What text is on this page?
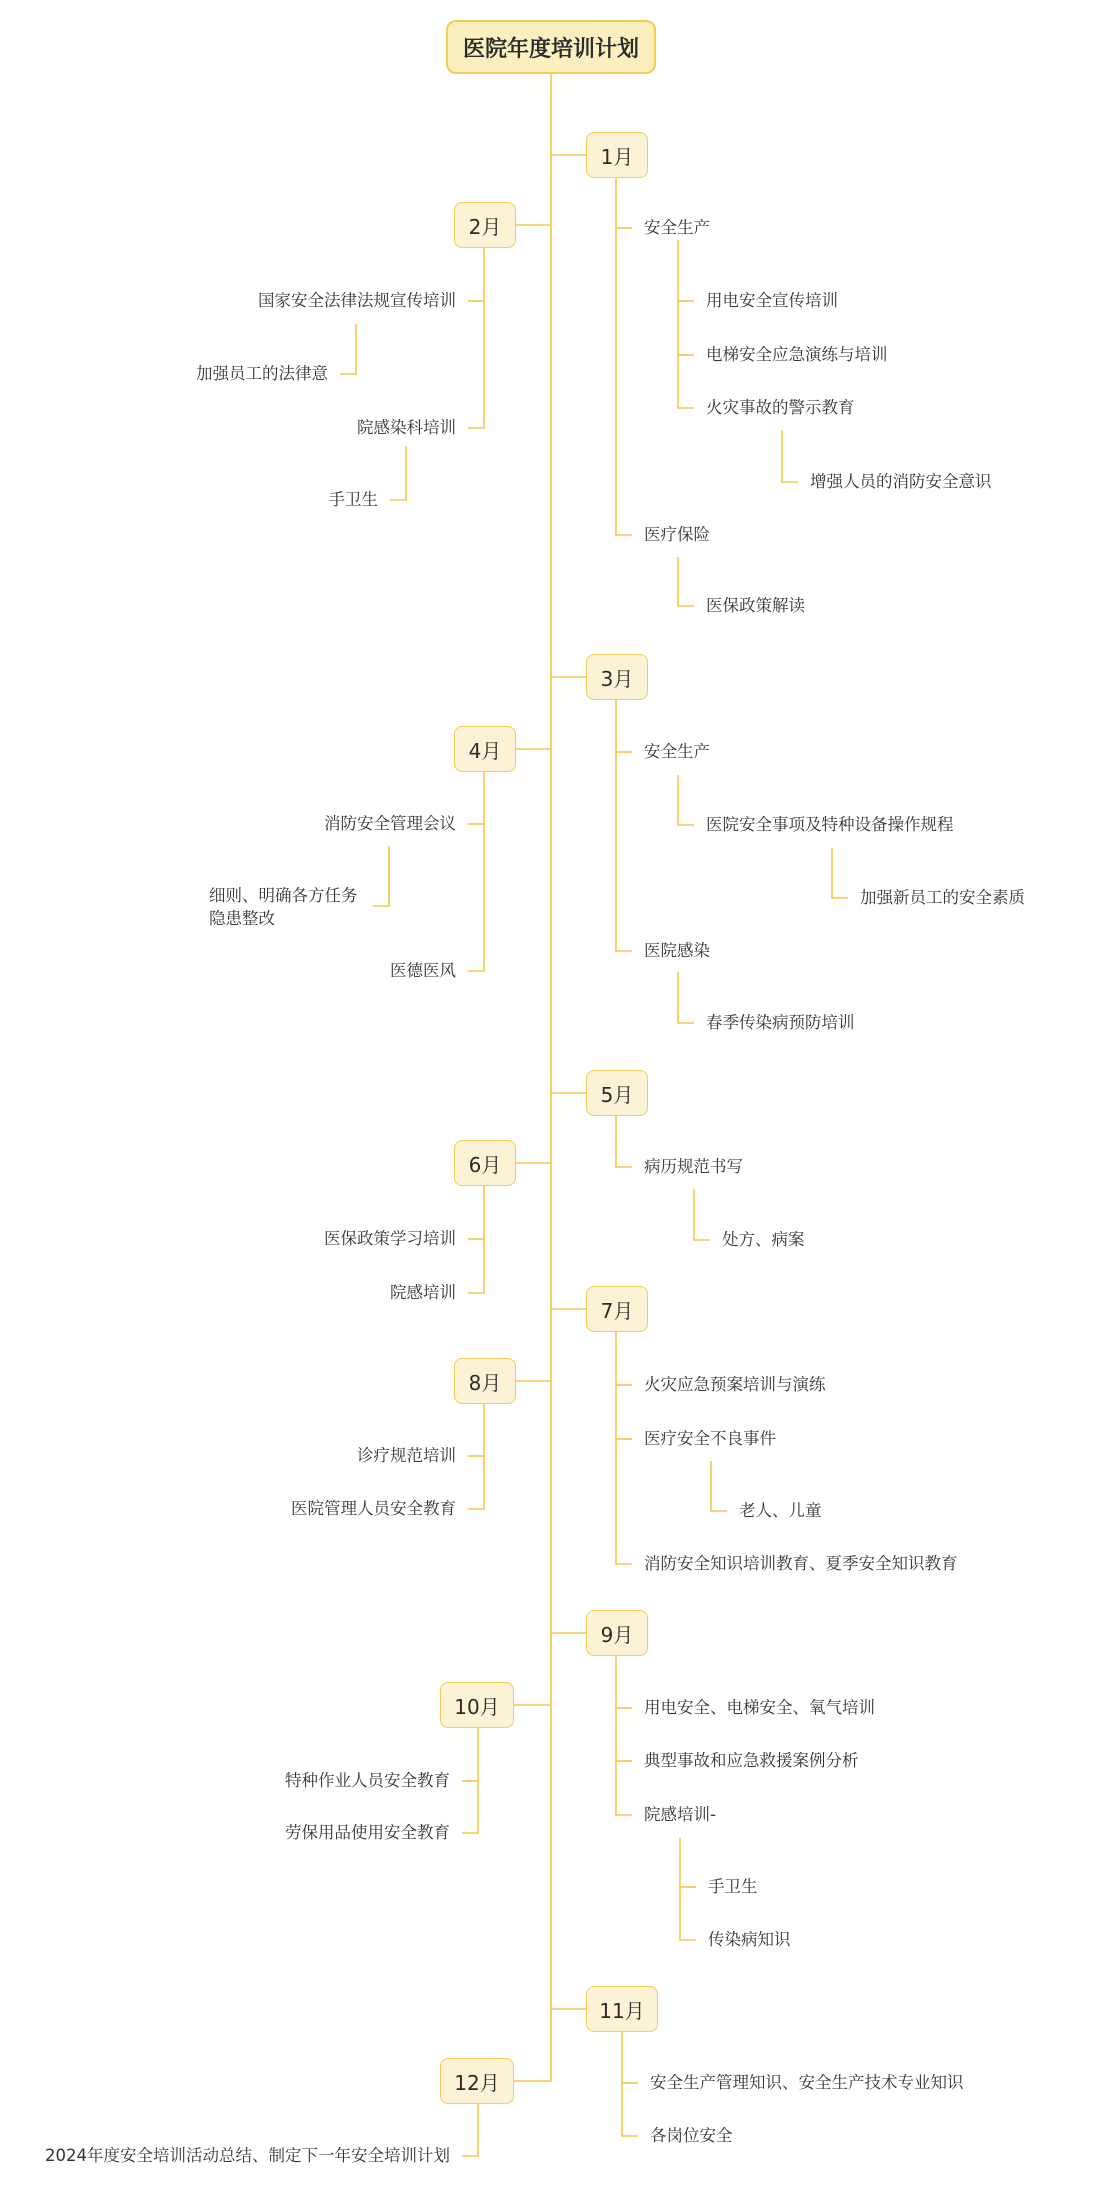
医院年度培训计划
1月
2月
3月
4月
5月
6月
7月
8月
9月
10月
11月
12月
安全生产
用电安全宣传培训
电梯安全应急演练与培训
火灾事故的警示教育
增强人员的消防安全意识
医疗保险
医保政策解读
国家安全法律法规宣传培训
加强员工的法律意
院感染科培训
手卫生
安全生产
医院安全事项及特种设备操作规程
加强新员工的安全素质
医院感染
春季传染病预防培训
消防安全管理会议
细则、明确各方任务
隐患整改
医德医风
病历规范书写
处方、病案
医保政策学习培训
院感培训
火灾应急预案培训与演练
医疗安全不良事件
老人、儿童
消防安全知识培训教育、夏季安全知识教育
诊疗规范培训
医院管理人员安全教育
用电安全、电梯安全、氧气培训
典型事故和应急救援案例分析
院感培训-
手卫生
传染病知识
特种作业人员安全教育
劳保用品使用安全教育
安全生产管理知识、安全生产技术专业知识
各岗位安全
2024年度安全培训活动总结、制定下一年安全培训计划
